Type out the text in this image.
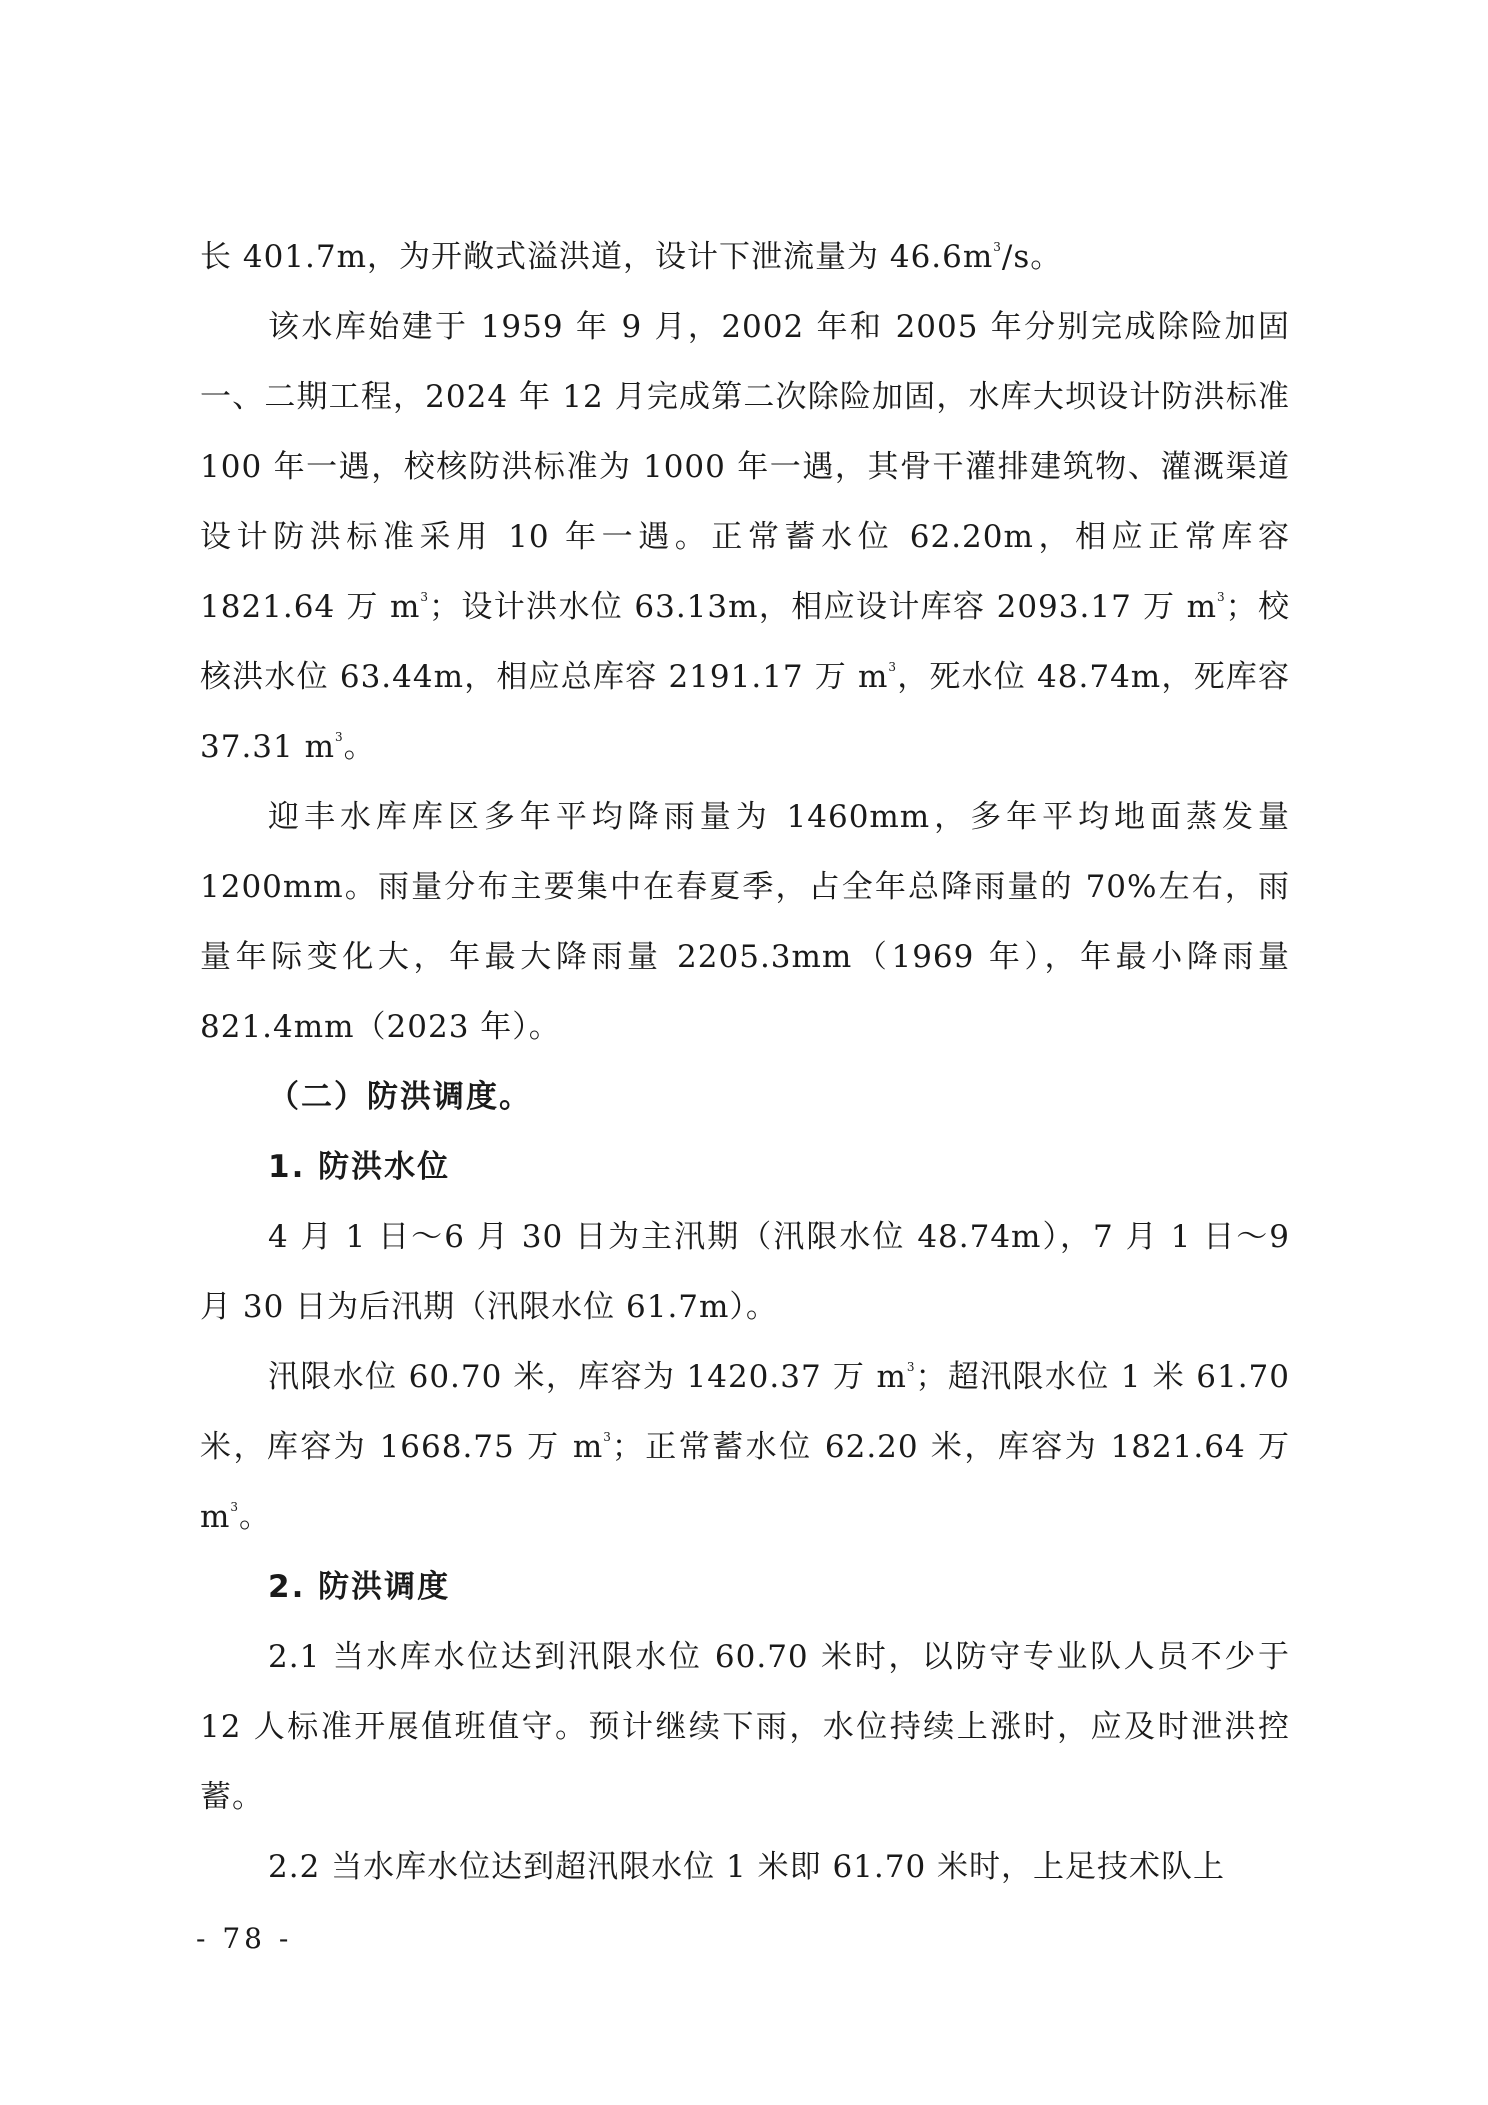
长 401.7m，为开敞式溢洪道，设计下泄流量为 $46.6m^3/s$。

该水库始建于 1959 年 9 月，2002 年和 2005 年分别完成除险加固一、二期工程，2024 年 12 月完成第二次除险加固，水库大坝设计防洪标准 100 年一遇，校核防洪标准为 1000 年一遇，其骨干灌排建筑物、灌溉渠道设计防洪标准采用 10 年一遇。正常蓄水位 62.20m，相应正常库容 1821.64 万 $m^3$；设计洪水位 63.13m，相应设计库容 2093.17 万 $m^3$；校核洪水位 63.44m，相应总库容 2191.17 万 $m^3$，死水位 48.74m，死库容 37.31 $m^3$。

迎丰水库库区多年平均降雨量为 1460mm，多年平均地面蒸发量 1200mm。雨量分布主要集中在春夏季，占全年总降雨量的 70%左右，雨量年际变化大，年最大降雨量 2205.3mm（1969 年），年最小降雨量 821.4mm（2023 年）。

（二）防洪调度。

1. 防洪水位

4 月 1 日～6 月 30 日为主汛期（汛限水位 48.74m），7 月 1 日～9 月 30 日为后汛期（汛限水位 61.7m）。

汛限水位 60.70 米，库容为 1420.37 万 $m^3$；超汛限水位 1 米 61.70 米，库容为 1668.75 万 $m^3$；正常蓄水位 62.20 米，库容为 1821.64 万 $m^3$。

2. 防洪调度

2.1 当水库水位达到汛限水位 60.70 米时，以防守专业队人员不少于 12 人标准开展值班值守。预计继续下雨，水位持续上涨时，应及时泄洪控蓄。

2.2 当水库水位达到超汛限水位 1 米即 61.70 米时，上足技术队上

- 78 -
